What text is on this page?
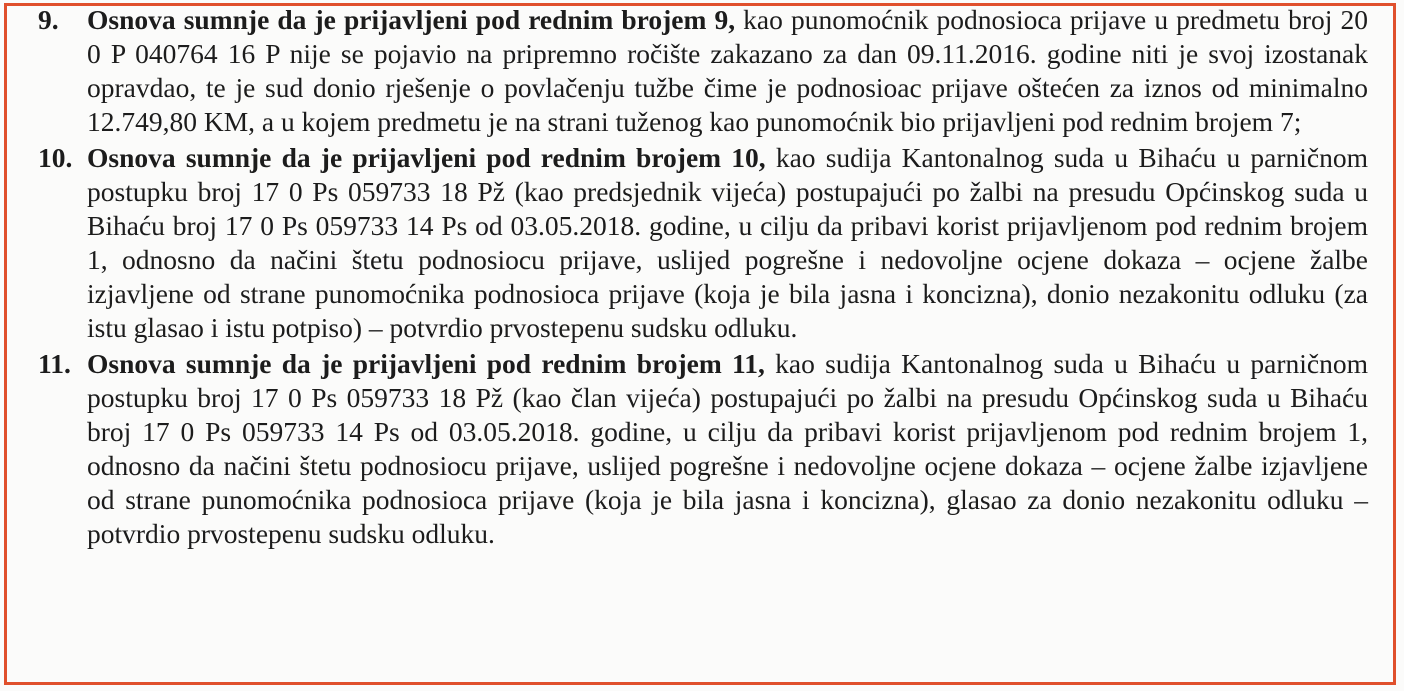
9. Osnova sumnje da je prijavljeni pod rednim brojem 9, kao punomoćnik podnosioca prijave u predmetu broj 20 0 P 040764 16 P nije se pojavio na pripremno ročište zakazano za dan 09.11.2016. godine niti je svoj izostanak opravdao, te je sud donio rješenje o povlačenju tužbe čime je podnosioac prijave oštećen za iznos od minimalno 12.749,80 KM, a u kojem predmetu je na strani tuženog kao punomoćnik bio prijavljeni pod rednim brojem 7;

10. Osnova sumnje da je prijavljeni pod rednim brojem 10, kao sudija Kantonalnog suda u Bihaću u parničnom postupku broj 17 0 Ps 059733 18 Pž (kao predsjednik vijeća) postupajući po žalbi na presudu Općinskog suda u Bihaću broj 17 0 Ps 059733 14 Ps od 03.05.2018. godine, u cilju da pribavi korist prijavljenom pod rednim brojem 1, odnosno da načini štetu podnosiocu prijave, uslijed pogrešne i nedovoljne ocjene dokaza – ocjene žalbe izjavljene od strane punomoćnika podnosioca prijave (koja je bila jasna i koncizna), donio nezakonitu odluku (za istu glasao i istu potpiso) – potvrdio prvostepenu sudsku odluku.

11. Osnova sumnje da je prijavljeni pod rednim brojem 11, kao sudija Kantonalnog suda u Bihaću u parničnom postupku broj 17 0 Ps 059733 18 Pž (kao član vijeća) postupajući po žalbi na presudu Općinskog suda u Bihaću broj 17 0 Ps 059733 14 Ps od 03.05.2018. godine, u cilju da pribavi korist prijavljenom pod rednim brojem 1, odnosno da načini štetu podnosiocu prijave, uslijed pogrešne i nedovoljne ocjene dokaza – ocjene žalbe izjavljene od strane punomoćnika podnosioca prijave (koja je bila jasna i koncizna), glasao za donio nezakonitu odluku – potvrdio prvostepenu sudsku odluku.
